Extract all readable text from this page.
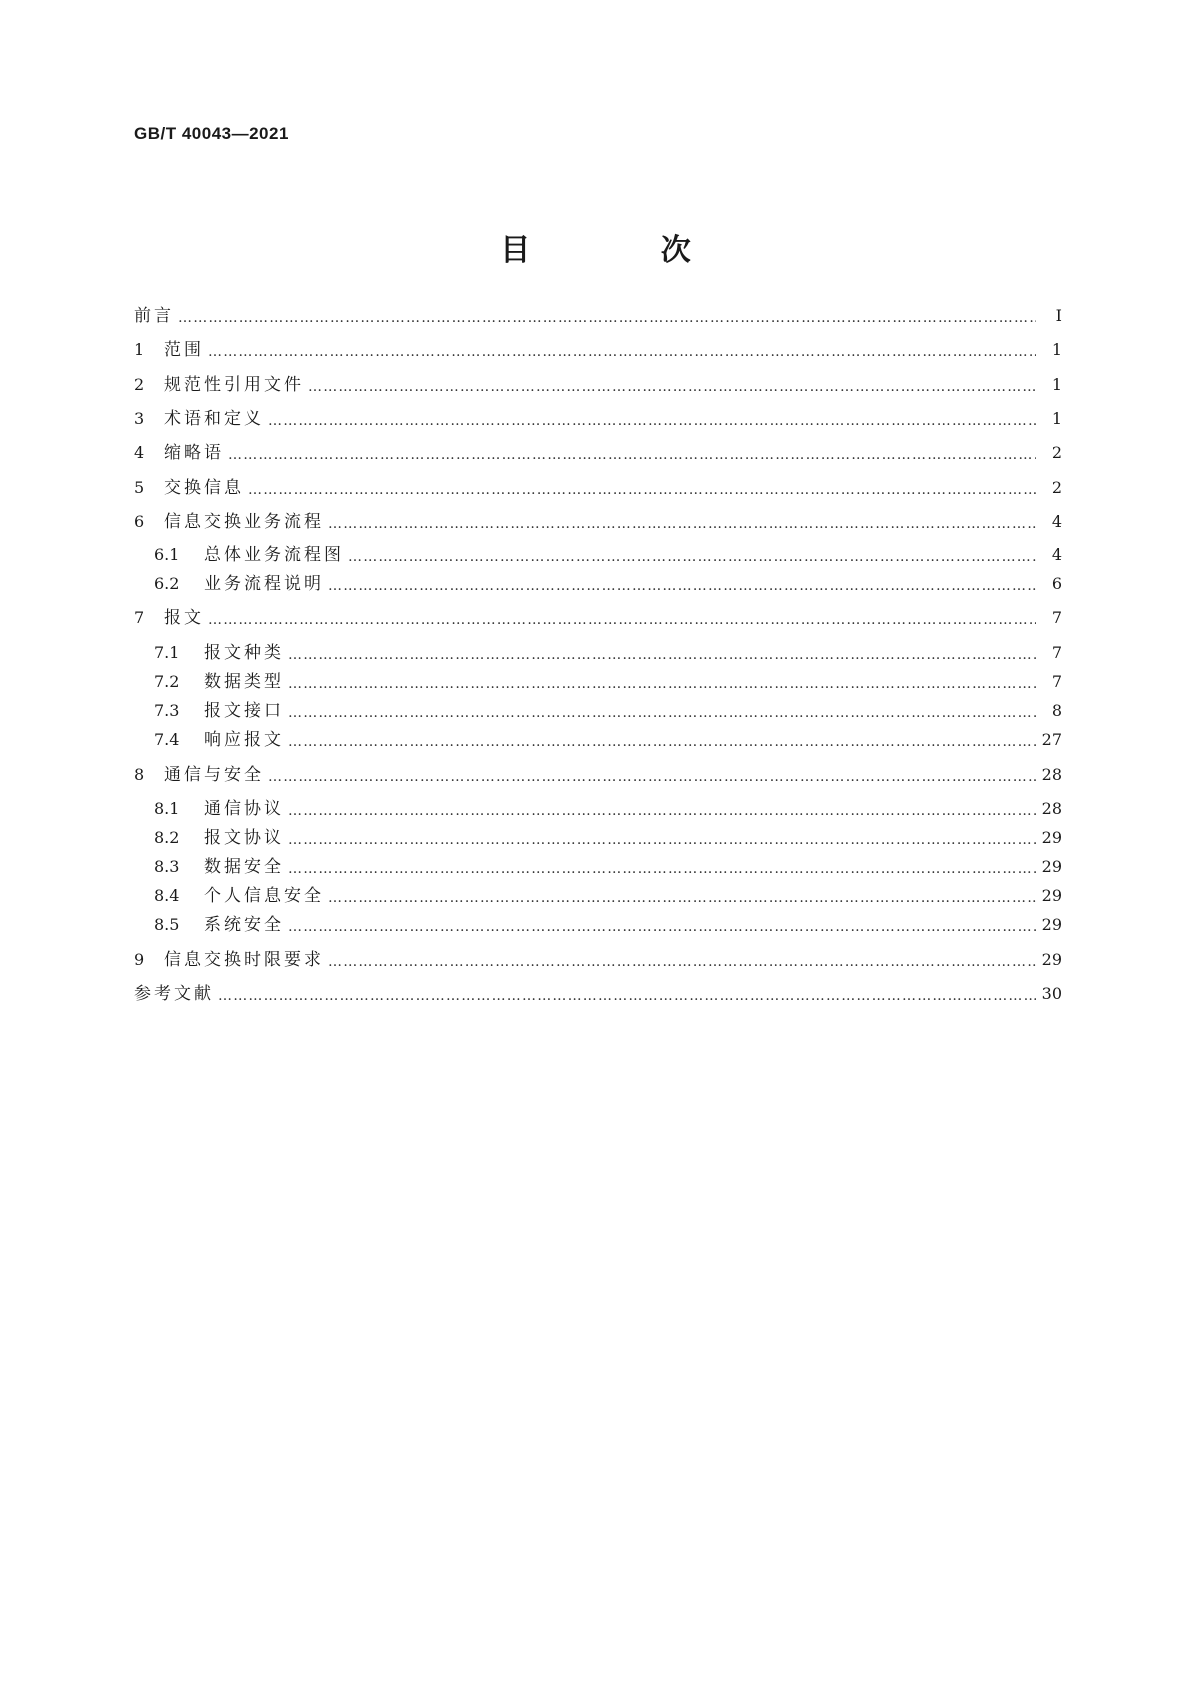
GB/T 40043—2021
目 次
前言 …………………………………………………………………………………………………………………………………………………………………………………………………………………………	Ⅰ
1	范围 …………………………………………………………………………………………………………………………………………………………………………………………………………………………	1
2	规范性引用文件 …………………………………………………………………………………………………………………………………………………………………………………………………………………………	1
3	术语和定义 …………………………………………………………………………………………………………………………………………………………………………………………………………………………	1
4	缩略语 …………………………………………………………………………………………………………………………………………………………………………………………………………………………	2
5	交换信息 …………………………………………………………………………………………………………………………………………………………………………………………………………………………	2
6	信息交换业务流程 …………………………………………………………………………………………………………………………………………………………………………………………………………………………	4
6.1	总体业务流程图 …………………………………………………………………………………………………………………………………………………………………………………………………………………………	4
6.2	业务流程说明 …………………………………………………………………………………………………………………………………………………………………………………………………………………………	6
7	报文 …………………………………………………………………………………………………………………………………………………………………………………………………………………………	7
7.1	报文种类 …………………………………………………………………………………………………………………………………………………………………………………………………………………………	7
7.2	数据类型 …………………………………………………………………………………………………………………………………………………………………………………………………………………………	7
7.3	报文接口 …………………………………………………………………………………………………………………………………………………………………………………………………………………………	8
7.4	响应报文 …………………………………………………………………………………………………………………………………………………………………………………………………………………………	27
8	通信与安全 …………………………………………………………………………………………………………………………………………………………………………………………………………………………	28
8.1	通信协议 …………………………………………………………………………………………………………………………………………………………………………………………………………………………	28
8.2	报文协议 …………………………………………………………………………………………………………………………………………………………………………………………………………………………	29
8.3	数据安全 …………………………………………………………………………………………………………………………………………………………………………………………………………………………	29
8.4	个人信息安全 …………………………………………………………………………………………………………………………………………………………………………………………………………………………	29
8.5	系统安全 …………………………………………………………………………………………………………………………………………………………………………………………………………………………	29
9	信息交换时限要求 …………………………………………………………………………………………………………………………………………………………………………………………………………………………	29
参考文献 …………………………………………………………………………………………………………………………………………………………………………………………………………………………	30
